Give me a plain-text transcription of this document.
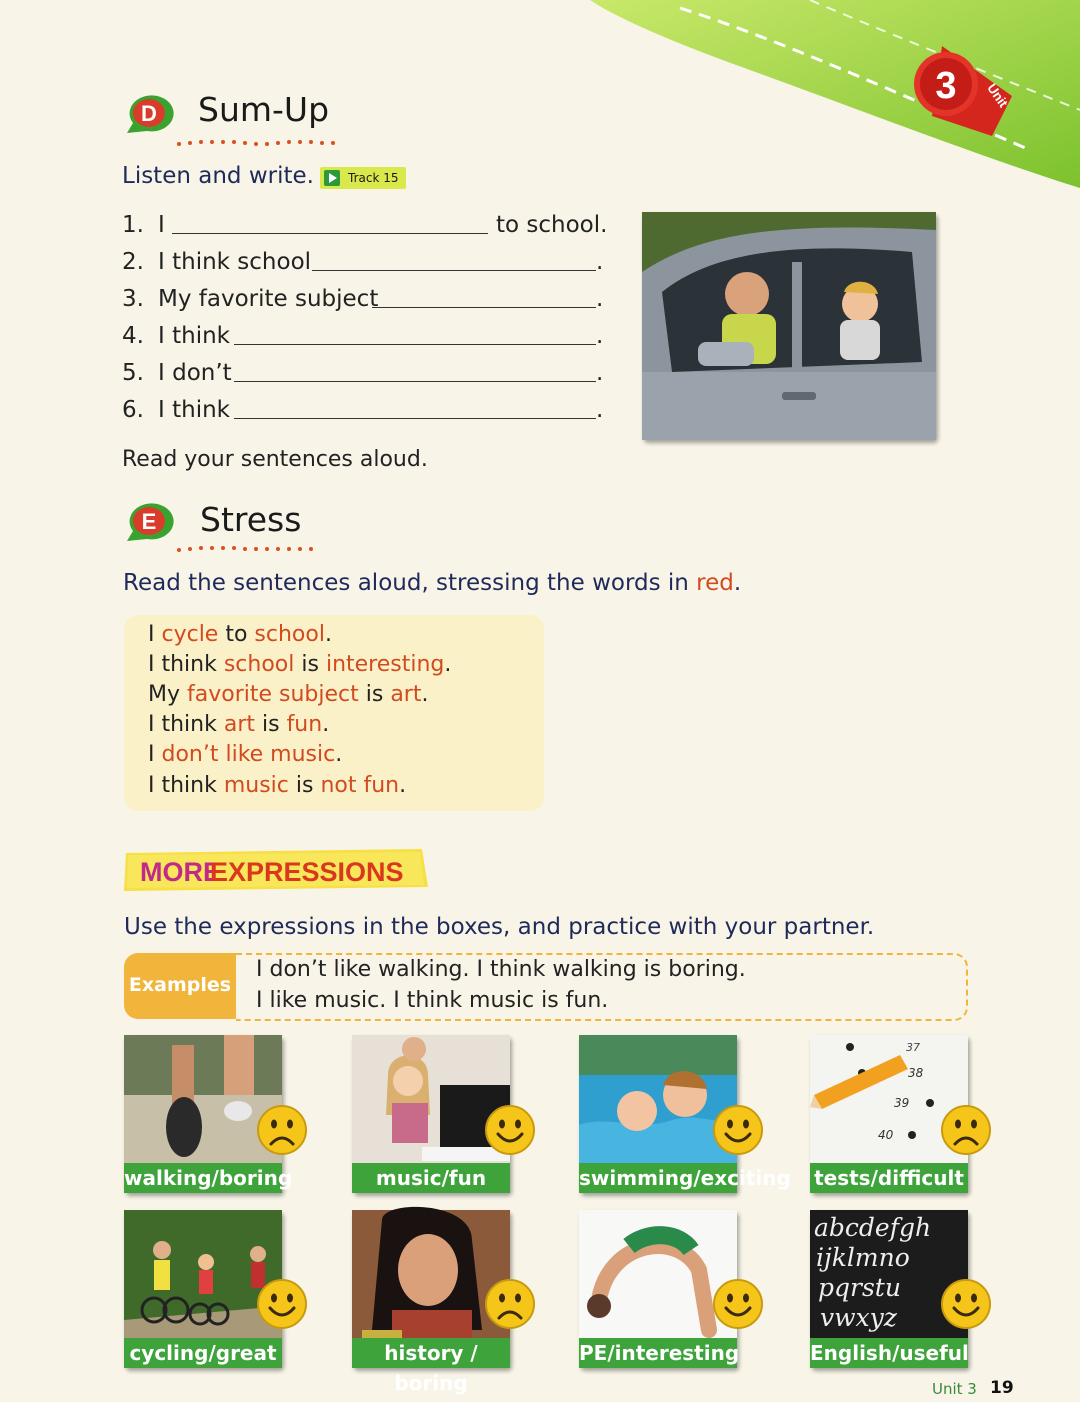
3 Unit
D Sum-Up
Listen and write.	Track 15
1. I	to school.
2. I think school	.
3. My favorite subject	.
4. I think	.
5. I don’t	.
6. I think	.
Read your sentences aloud.
E Stress
Read the sentences aloud, stressing the words in red.
I cycle to school.
I think school is interesting.
My favorite subject is art.
I think art is fun.
I don’t like music.
I think music is not fun.
MORE
EXPRESSIONS
Use the expressions in the boxes, and practice with your partner.
Examples
I don’t like walking. I think walking is boring.
I like music. I think music is fun.
walking/boring	music/fun	swimming/exciting
37
38
39
40
tests/difficult
cycling/great	history / boring
PE/interesting
abcdefgh
ijklmno
pqrstu
vwxyz
English/useful
Unit 3 19
